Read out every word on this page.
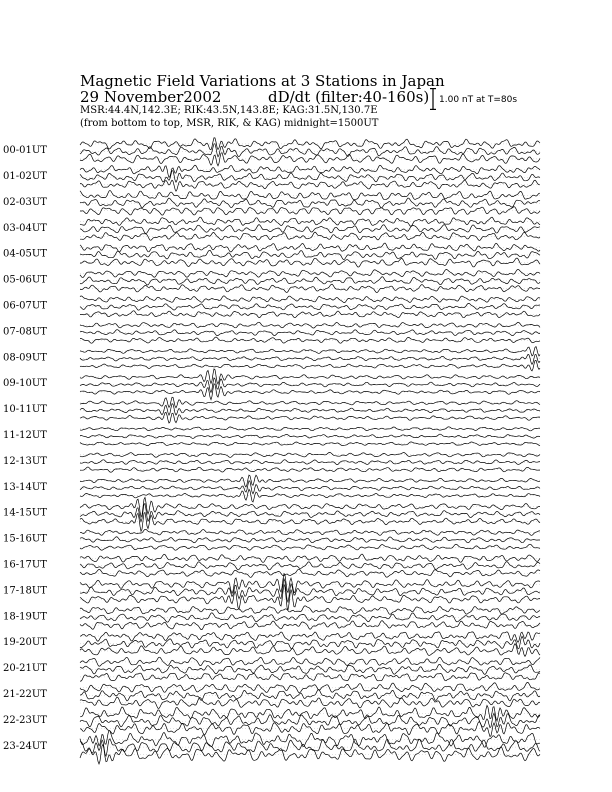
Magnetic Field Variations at 3 Stations in Japan
29 November2002	dD/dt (filter:40-160s)
MSR:44.4N,142.3E; RIK:43.5N,143.8E; KAG:31.5N,130.7E
(from bottom to top, MSR, RIK, & KAG) midnight=1500UT
1.00 nT at T=80s
00-01UT
01-02UT
02-03UT
03-04UT
04-05UT
05-06UT
06-07UT
07-08UT
08-09UT
09-10UT
10-11UT
11-12UT
12-13UT
13-14UT
14-15UT
15-16UT
16-17UT
17-18UT
18-19UT
19-20UT
20-21UT
21-22UT
22-23UT
23-24UT
